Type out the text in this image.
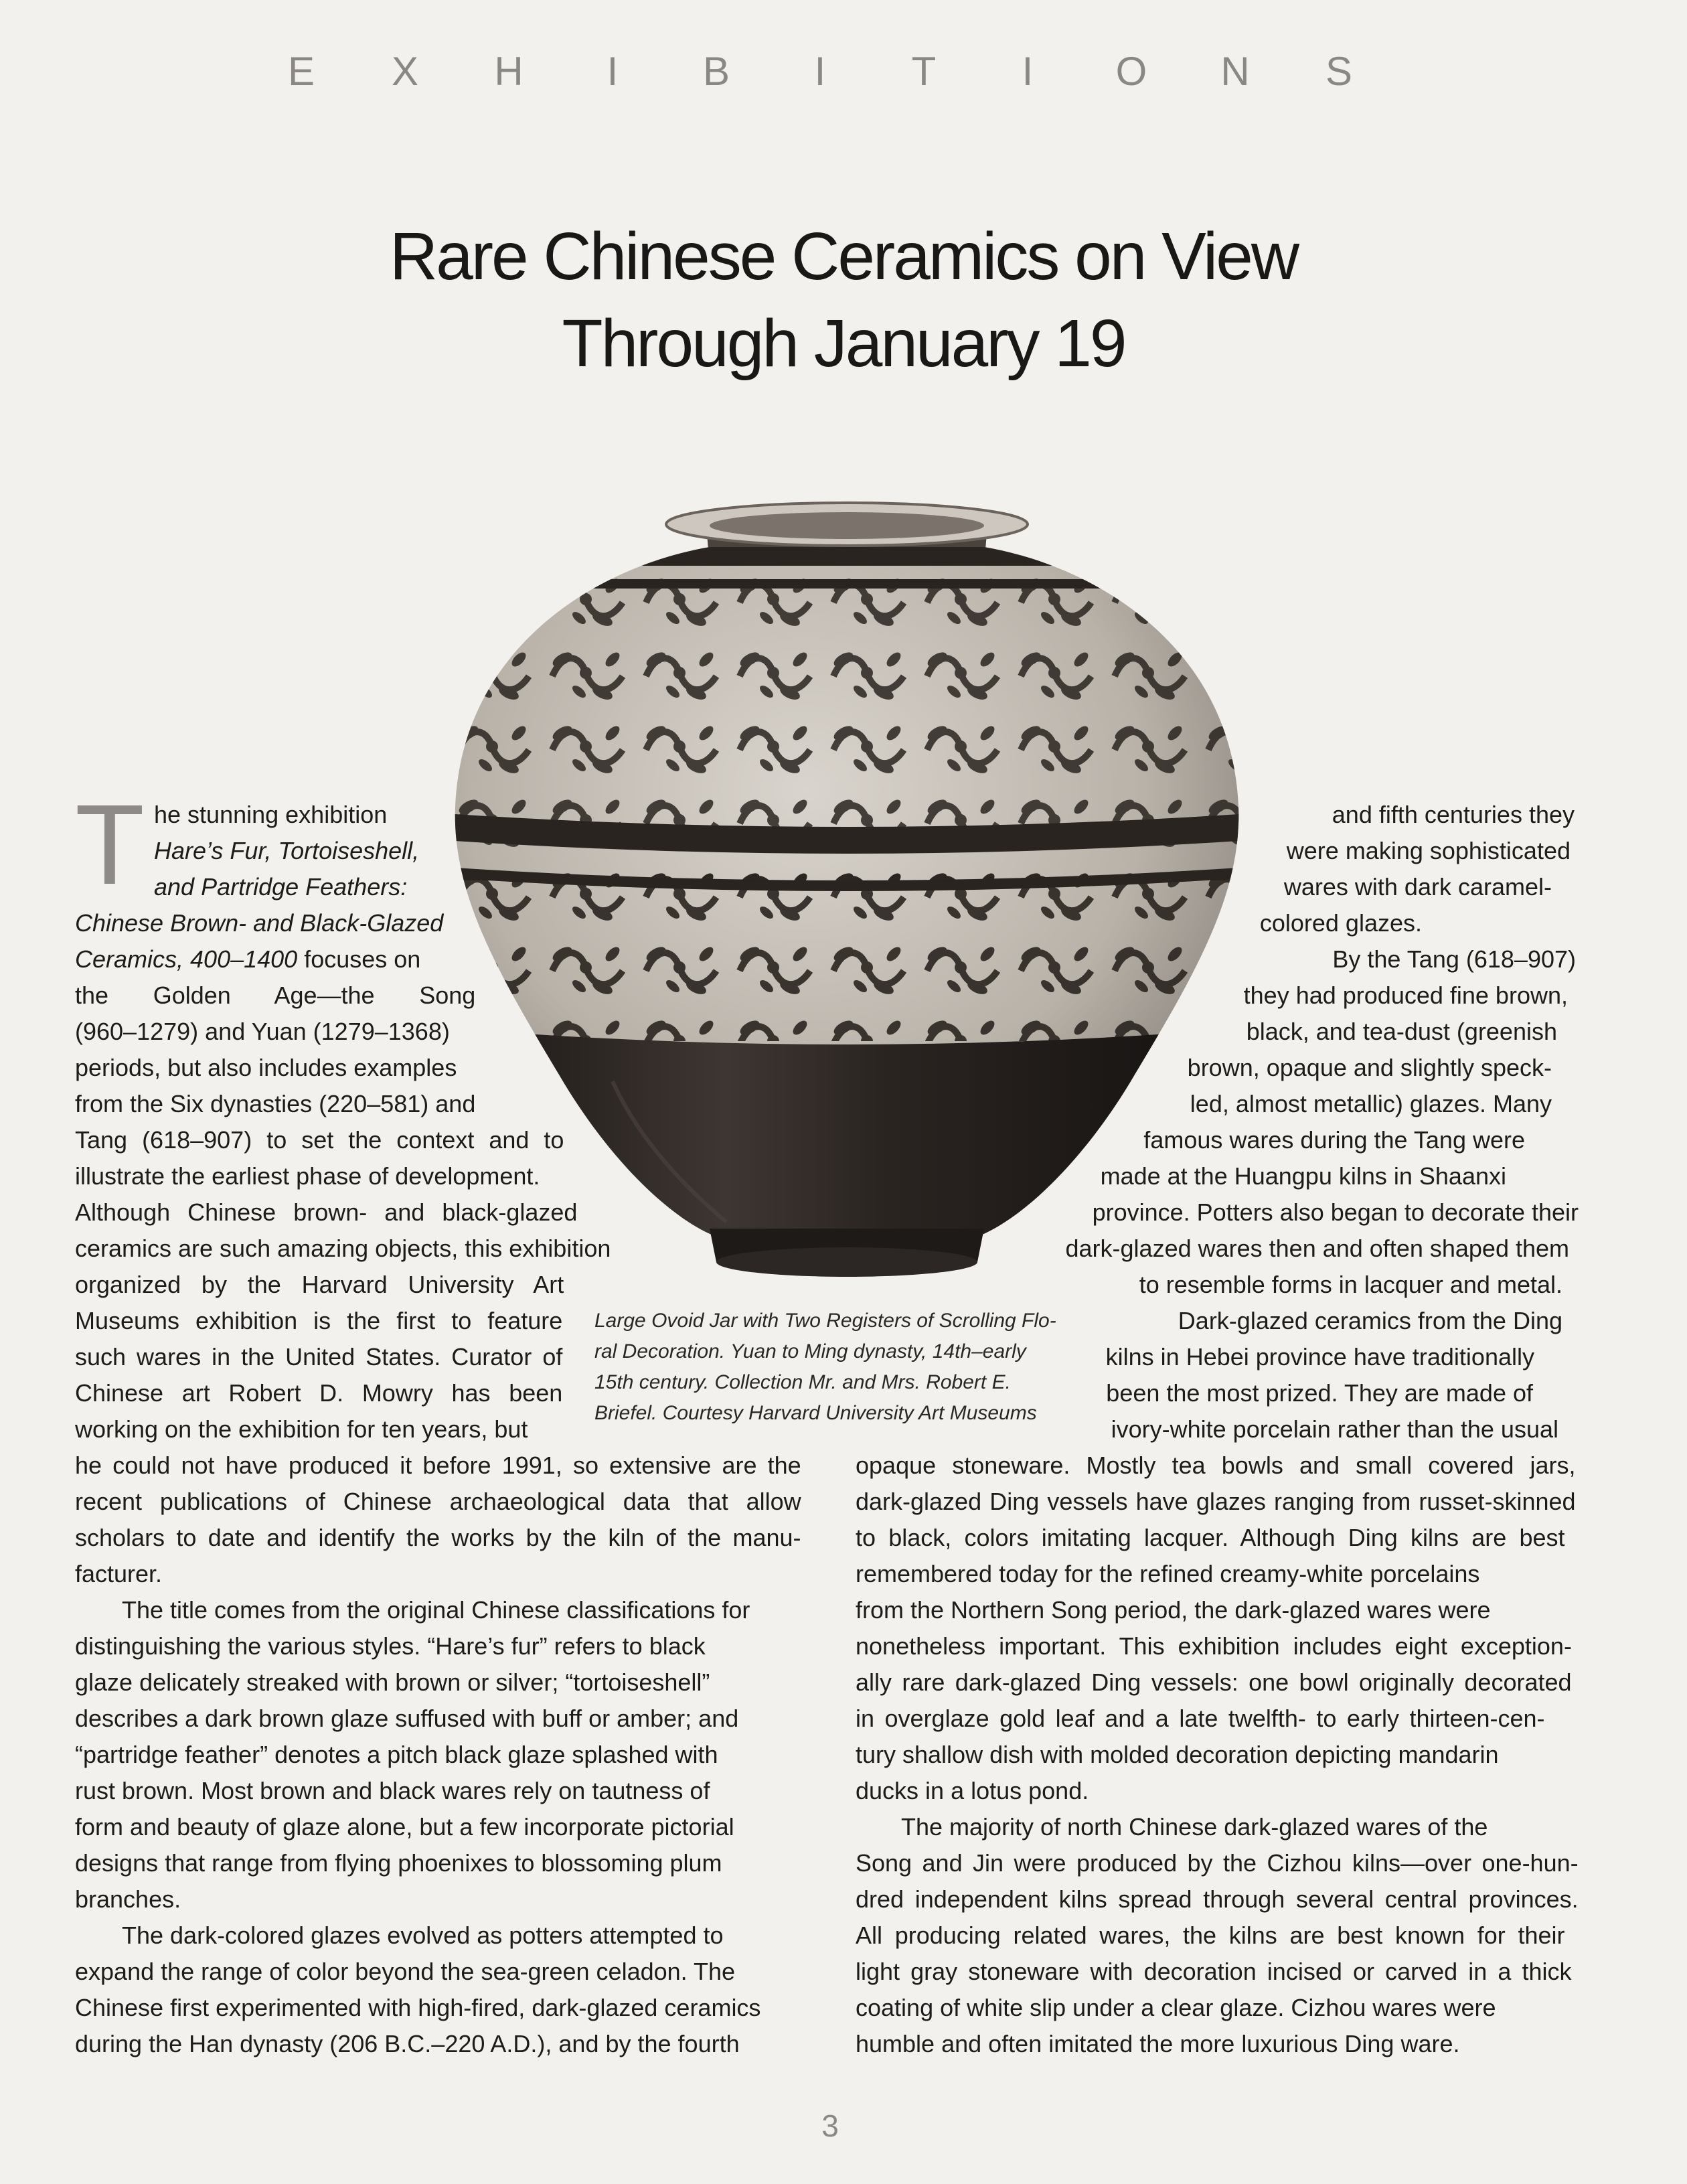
E X H	I	B	I	T	I	O N S
Rare Chinese Ceramics on View
Through January 19
T he stunning exhibition
Hare’s Fur, Tortoiseshell,
and Partridge Feathers:
Chinese Brown- and Black-Glazed
Ceramics, 400–1400 focuses on
the Golden Age—the Song
(960–1279) and Yuan (1279–1368)
periods, but also includes examples
from the Six dynasties (220–581) and
Tang (618–907) to set the context and to
illustrate the earliest phase of development.
Although Chinese brown- and black-glazed
ceramics are such amazing objects, this exhibition
organized by the Harvard University Art
Museums exhibition is the first to feature
such wares in the United States. Curator of
Chinese art Robert D. Mowry has been
working on the exhibition for ten years, but
he could not have produced it before 1991, so extensive are the
recent publications of Chinese archaeological data that allow
scholars to date and identify the works by the kiln of the manu-
facturer.
The title comes from the original Chinese classifications for
distinguishing the various styles. “Hare’s fur” refers to black
glaze delicately streaked with brown or silver; “tortoiseshell”
describes a dark brown glaze suffused with buff or amber; and
“partridge feather” denotes a pitch black glaze splashed with
rust brown. Most brown and black wares rely on tautness of
form and beauty of glaze alone, but a few incorporate pictorial
designs that range from flying phoenixes to blossoming plum
branches.
The dark-colored glazes evolved as potters attempted to
expand the range of color beyond the sea-green celadon. The
Chinese first experimented with high-fired, dark-glazed ceramics
during the Han dynasty (206 B.C.–220 A.D.), and by the fourth
and fifth centuries they
were making sophisticated
wares with dark caramel-
colored glazes.
By the Tang (618–907)
they had produced fine brown,
black, and tea-dust (greenish
brown, opaque and slightly speck-
led, almost metallic) glazes. Many
famous wares during the Tang were
made at the Huangpu kilns in Shaanxi
province. Potters also began to decorate their
dark-glazed wares then and often shaped them
to resemble forms in lacquer and metal.
Dark-glazed ceramics from the Ding
kilns in Hebei province have traditionally
been the most prized. They are made of
ivory-white porcelain rather than the usual
opaque stoneware. Mostly tea bowls and small covered jars,
dark-glazed Ding vessels have glazes ranging from russet-skinned
to black, colors imitating lacquer. Although Ding kilns are best
remembered today for the refined creamy-white porcelains
from the Northern Song period, the dark-glazed wares were
nonetheless important. This exhibition includes eight exception-
ally rare dark-glazed Ding vessels: one bowl originally decorated
in overglaze gold leaf and a late twelfth- to early thirteen-cen-
tury shallow dish with molded decoration depicting mandarin
ducks in a lotus pond.
The majority of north Chinese dark-glazed wares of the
Song and Jin were produced by the Cizhou kilns—over one-hun-
dred independent kilns spread through several central provinces.
All producing related wares, the kilns are best known for their
light gray stoneware with decoration incised or carved in a thick
coating of white slip under a clear glaze. Cizhou wares were
humble and often imitated the more luxurious Ding ware.
Large Ovoid Jar with Two Registers of Scrolling Flo-
ral Decoration. Yuan to Ming dynasty, 14th–early
15th century. Collection Mr. and Mrs. Robert E.
Briefel. Courtesy Harvard University Art Museums
3
